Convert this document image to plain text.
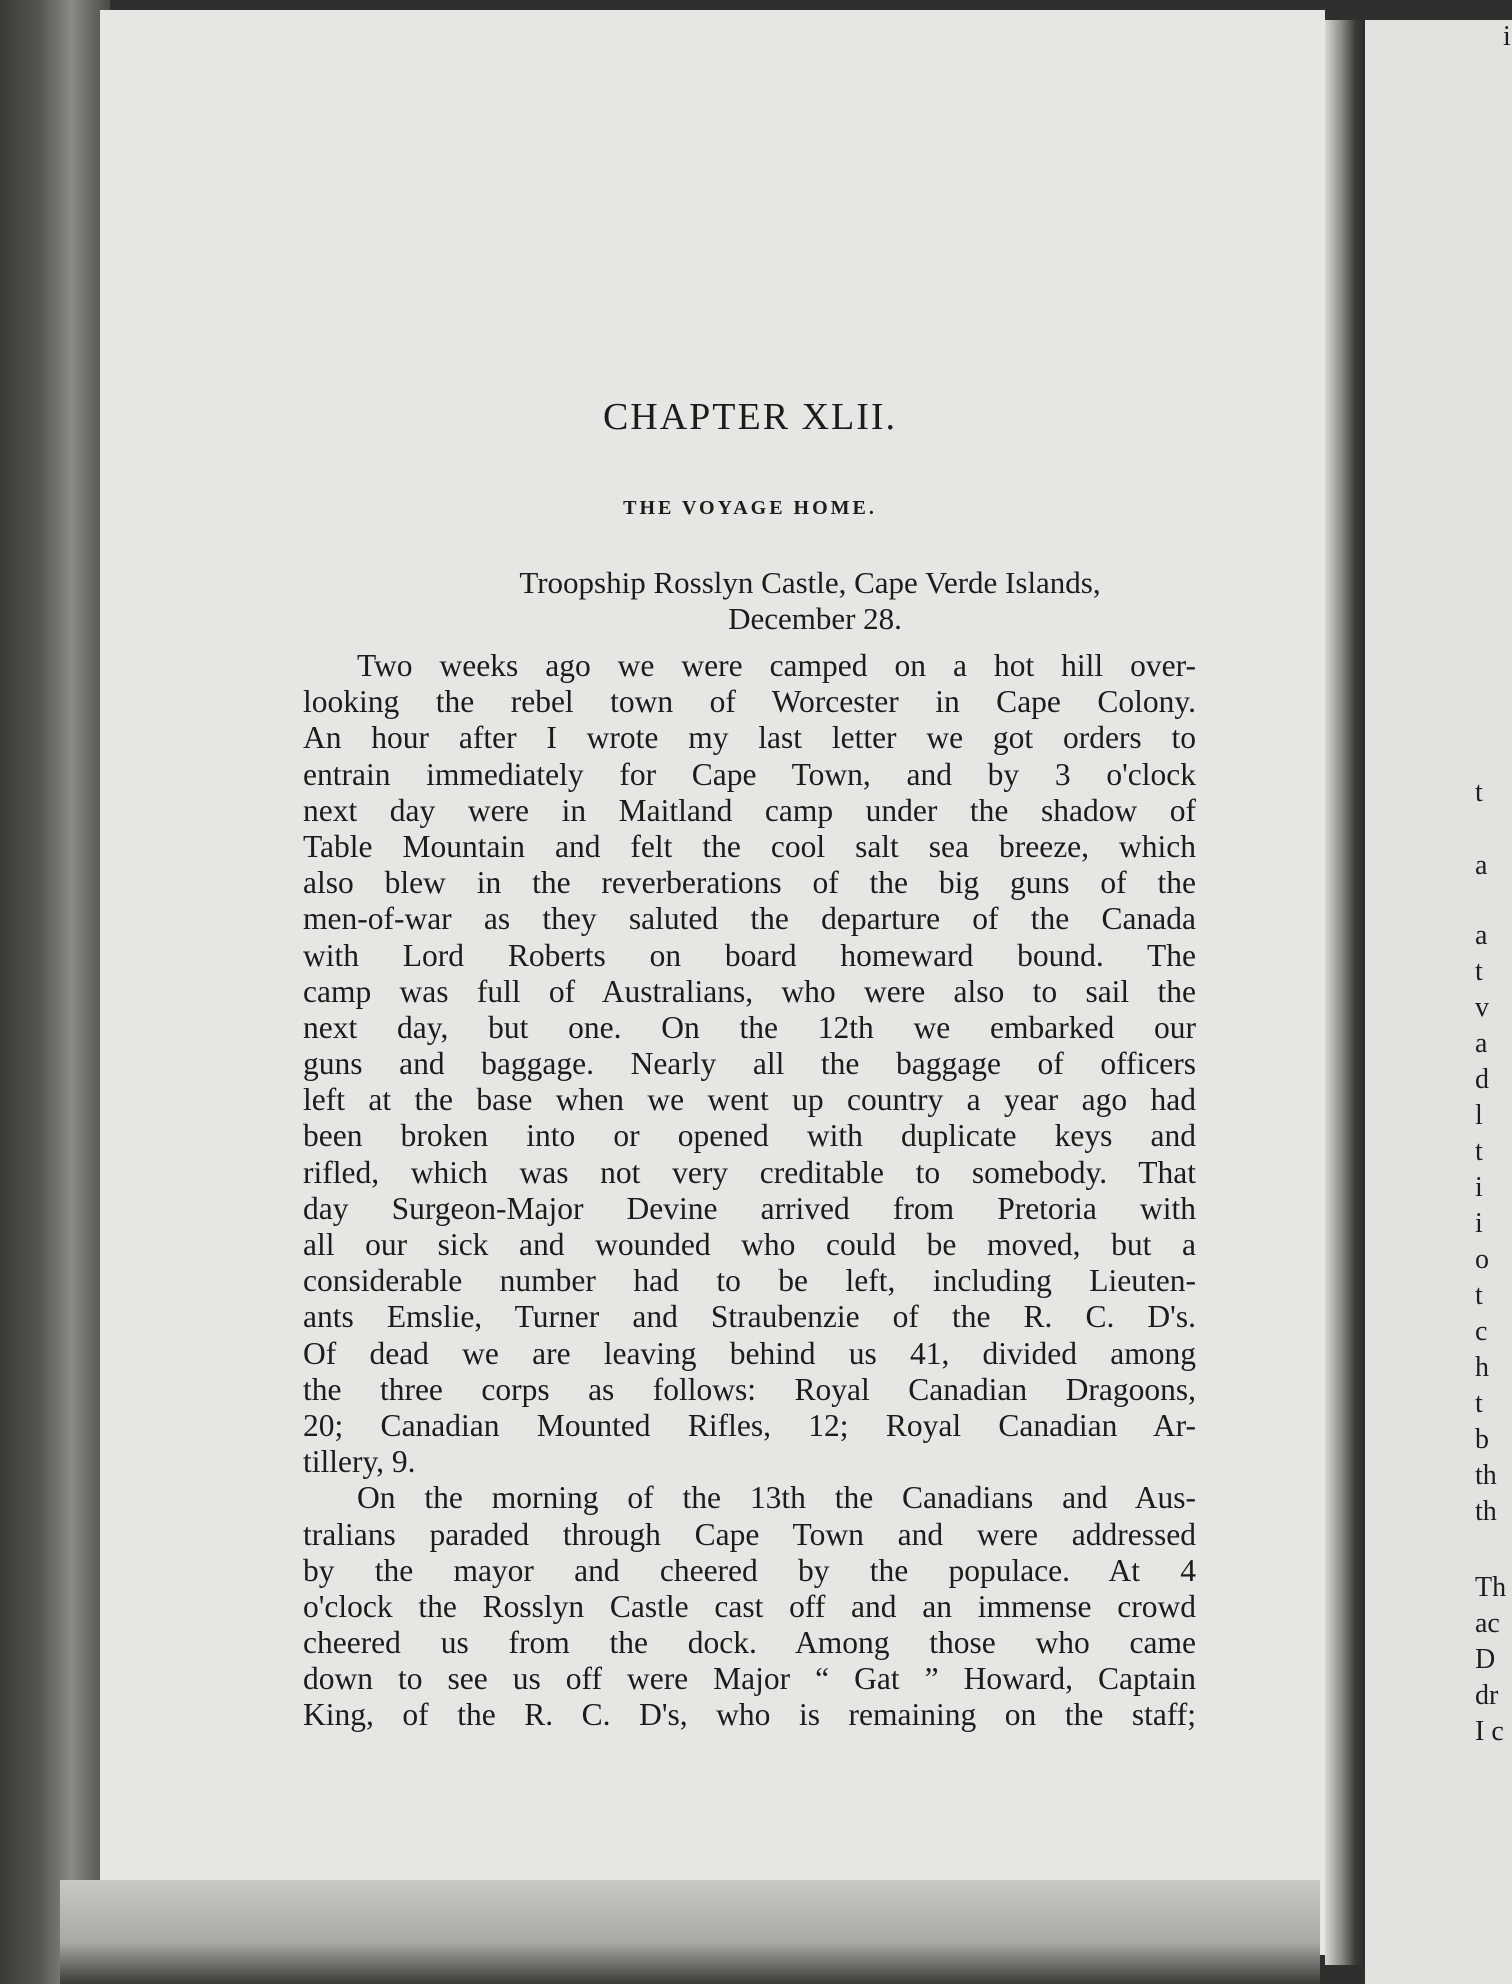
i
t
a
a
t
v
a
d
l
t
i
i
o
t
c
h
t
b
th
th
Th
ac
D
dr
I c
CHAPTER XLII.
THE VOYAGE HOME.
Troopship Rosslyn Castle, Cape Verde Islands,
December 28.
Two weeks ago we were camped on a hot hill over-
looking the rebel town of Worcester in Cape Colony.
An hour after I wrote my last letter we got orders to
entrain immediately for Cape Town, and by 3 o'clock
next day were in Maitland camp under the shadow of
Table Mountain and felt the cool salt sea breeze, which
also blew in the reverberations of the big guns of the
men-of-war as they saluted the departure of the Canada
with Lord Roberts on board homeward bound. The
camp was full of Australians, who were also to sail the
next day, but one. On the 12th we embarked our
guns and baggage. Nearly all the baggage of officers
left at the base when we went up country a year ago had
been broken into or opened with duplicate keys and
rifled, which was not very creditable to somebody. That
day Surgeon-Major Devine arrived from Pretoria with
all our sick and wounded who could be moved, but a
considerable number had to be left, including Lieuten-
ants Emslie, Turner and Straubenzie of the R. C. D's.
Of dead we are leaving behind us 41, divided among
the three corps as follows: Royal Canadian Dragoons,
20; Canadian Mounted Rifles, 12; Royal Canadian Ar-
tillery, 9.
On the morning of the 13th the Canadians and Aus-
tralians paraded through Cape Town and were addressed
by the mayor and cheered by the populace. At 4
o'clock the Rosslyn Castle cast off and an immense crowd
cheered us from the dock. Among those who came
down to see us off were Major “ Gat ” Howard, Captain
King, of the R. C. D's, who is remaining on the staff;
